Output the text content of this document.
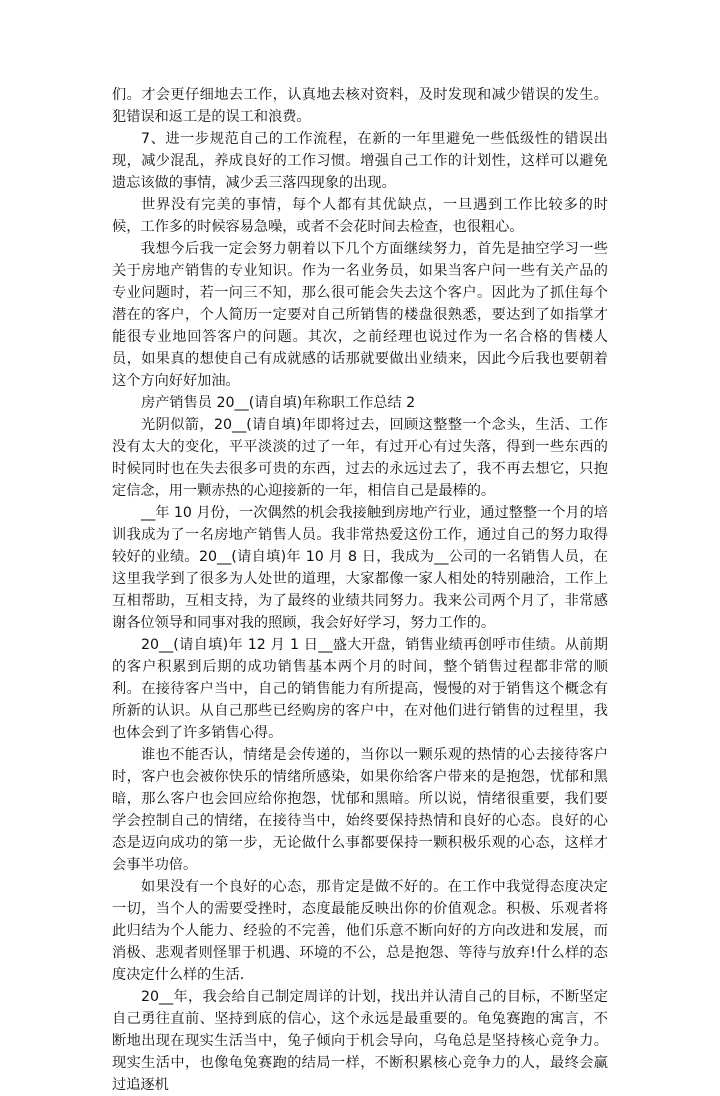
们。才会更仔细地去工作，认真地去核对资料，及时发现和减少错误的发生。犯错误和返工是的误工和浪费。

7、进一步规范自己的工作流程，在新的一年里避免一些低级性的错误出现，减少混乱，养成良好的工作习惯。增强自己工作的计划性，这样可以避免遗忘该做的事情，减少丢三落四现象的出现。

世界没有完美的事情，每个人都有其优缺点，一旦遇到工作比较多的时候，工作多的时候容易急噪，或者不会花时间去检查，也很粗心。

我想今后我一定会努力朝着以下几个方面继续努力，首先是抽空学习一些关于房地产销售的专业知识。作为一名业务员，如果当客户问一些有关产品的专业问题时，若一问三不知，那么很可能会失去这个客户。因此为了抓住每个潜在的客户，个人简历一定要对自己所销售的楼盘很熟悉，要达到了如指掌才能很专业地回答客户的问题。其次，之前经理也说过作为一名合格的售楼人员，如果真的想使自己有成就感的话那就要做出业绩来，因此今后我也要朝着这个方向好好加油。

房产销售员 20__(请自填)年称职工作总结 2

光阴似箭，20__(请自填)年即将过去，回顾这整整一个念头，生活、工作没有太大的变化，平平淡淡的过了一年，有过开心有过失落，得到一些东西的时候同时也在失去很多可贵的东西，过去的永远过去了，我不再去想它，只抱定信念，用一颗赤热的心迎接新的一年，相信自己是最棒的。

__年 10 月份，一次偶然的机会我接触到房地产行业，通过整整一个月的培训我成为了一名房地产销售人员。我非常热爱这份工作，通过自己的努力取得较好的业绩。20__(请自填)年 10 月 8 日，我成为__公司的一名销售人员，在这里我学到了很多为人处世的道理，大家都像一家人相处的特别融洽，工作上互相帮助，互相支持，为了最终的业绩共同努力。我来公司两个月了，非常感谢各位领导和同事对我的照顾，我会好好学习，努力工作的。

20__(请自填)年 12 月 1 日__盛大开盘，销售业绩再创呼市佳绩。从前期的客户积累到后期的成功销售基本两个月的时间，整个销售过程都非常的顺利。在接待客户当中，自己的销售能力有所提高，慢慢的对于销售这个概念有所新的认识。从自己那些已经购房的客户中，在对他们进行销售的过程里，我也体会到了许多销售心得。

谁也不能否认，情绪是会传递的，当你以一颗乐观的热情的心去接待客户时，客户也会被你快乐的情绪所感染，如果你给客户带来的是抱怨，忧郁和黑暗，那么客户也会回应给你抱怨，忧郁和黑暗。所以说，情绪很重要，我们要学会控制自己的情绪，在接待当中，始终要保持热情和良好的心态。良好的心态是迈向成功的第一步，无论做什么事都要保持一颗积极乐观的心态，这样才会事半功倍。

如果没有一个良好的心态，那肯定是做不好的。在工作中我觉得态度决定一切，当个人的需要受挫时，态度最能反映出你的价值观念。积极、乐观者将此归结为个人能力、经验的不完善，他们乐意不断向好的方向改进和发展，而消极、悲观者则怪罪于机遇、环境的不公，总是抱怨、等待与放弃!什么样的态度决定什么样的生活.

20__年，我会给自己制定周详的计划，找出并认清自己的目标，不断坚定自己勇往直前、坚持到底的信心，这个永远是最重要的。龟兔赛跑的寓言，不断地出现在现实生活当中，兔子倾向于机会导向，乌龟总是坚持核心竞争力。现实生活中，也像龟兔赛跑的结局一样，不断积累核心竞争力的人，最终会赢过追逐机
